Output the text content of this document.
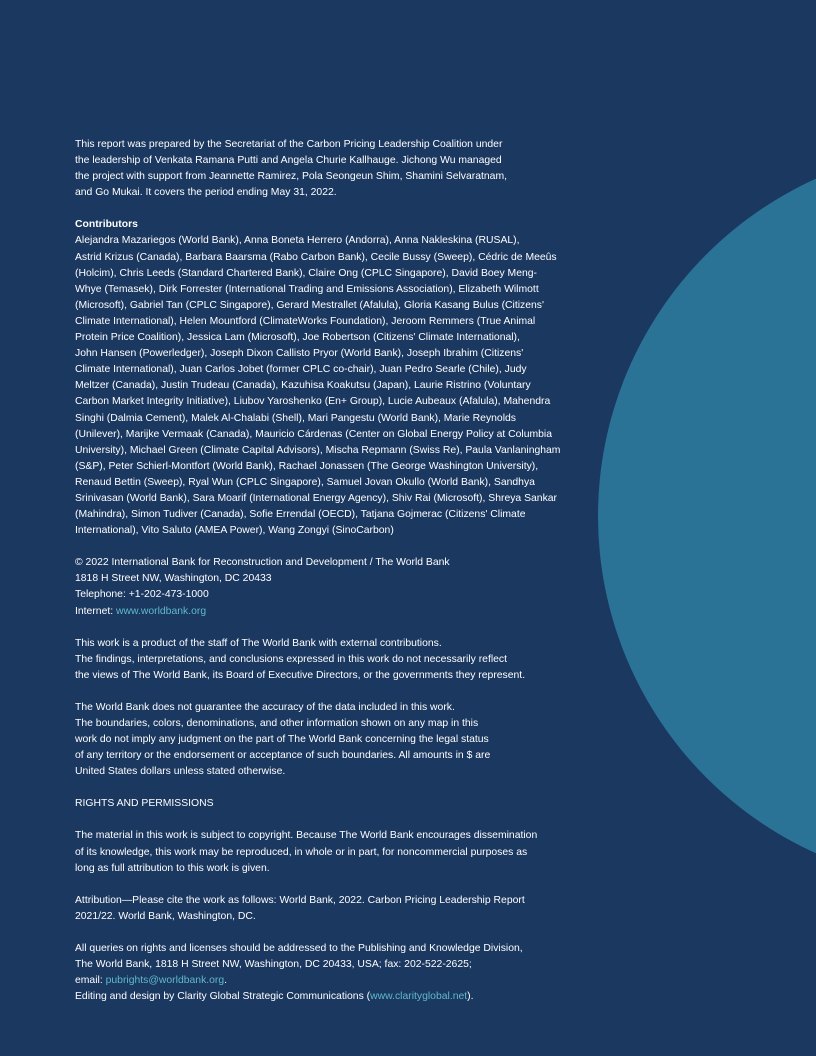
This report was prepared by the Secretariat of the Carbon Pricing Leadership Coalition under

the leadership of Venkata Ramana Putti and Angela Churie Kallhauge. Jichong Wu managed

the project with support from Jeannette Ramirez, Pola Seongeun Shim, Shamini Selvaratnam,

and Go Mukai. It covers the period ending May 31, 2022.

Contributors

Alejandra Mazariegos (World Bank), Anna Boneta Herrero (Andorra), Anna Nakleskina (RUSAL),

Astrid Krizus (Canada), Barbara Baarsma (Rabo Carbon Bank), Cecile Bussy (Sweep), Cédric de Meeûs

(Holcim), Chris Leeds (Standard Chartered Bank), Claire Ong (CPLC Singapore), David Boey Meng-

Whye (Temasek), Dirk Forrester (International Trading and Emissions Association), Elizabeth Wilmott

(Microsoft), Gabriel Tan (CPLC Singapore), Gerard Mestrallet (Afalula), Gloria Kasang Bulus (Citizens'

Climate International), Helen Mountford (ClimateWorks Foundation), Jeroom Remmers (True Animal

Protein Price Coalition), Jessica Lam (Microsoft), Joe Robertson (Citizens' Climate International),

John Hansen (Powerledger), Joseph Dixon Callisto Pryor (World Bank), Joseph Ibrahim (Citizens'

Climate International), Juan Carlos Jobet (former CPLC co-chair), Juan Pedro Searle (Chile), Judy

Meltzer (Canada), Justin Trudeau (Canada), Kazuhisa Koakutsu (Japan), Laurie Ristrino (Voluntary

Carbon Market Integrity Initiative), Liubov Yaroshenko (En+ Group), Lucie Aubeaux (Afalula), Mahendra

Singhi (Dalmia Cement), Malek Al-Chalabi (Shell), Mari Pangestu (World Bank), Marie Reynolds

(Unilever), Marijke Vermaak (Canada), Mauricio Cárdenas (Center on Global Energy Policy at Columbia

University), Michael Green (Climate Capital Advisors), Mischa Repmann (Swiss Re), Paula Vanlaningham

(S&P), Peter Schierl-Montfort (World Bank), Rachael Jonassen (The George Washington University),

Renaud Bettin (Sweep), Ryal Wun (CPLC Singapore), Samuel Jovan Okullo (World Bank), Sandhya

Srinivasan (World Bank), Sara Moarif (International Energy Agency), Shiv Rai (Microsoft), Shreya Sankar

(Mahindra), Simon Tudiver (Canada), Sofie Errendal (OECD), Tatjana Gojmerac (Citizens' Climate

International), Vito Saluto (AMEA Power), Wang Zongyi (SinoCarbon)

© 2022 International Bank for Reconstruction and Development / The World Bank

1818 H Street NW, Washington, DC 20433

Telephone: +1-202-473-1000

Internet: www.worldbank.org

This work is a product of the staff of The World Bank with external contributions.

The findings, interpretations, and conclusions expressed in this work do not necessarily reflect

the views of The World Bank, its Board of Executive Directors, or the governments they represent.

The World Bank does not guarantee the accuracy of the data included in this work.

The boundaries, colors, denominations, and other information shown on any map in this

work do not imply any judgment on the part of The World Bank concerning the legal status

of any territory or the endorsement or acceptance of such boundaries. All amounts in $ are

United States dollars unless stated otherwise.

RIGHTS AND PERMISSIONS

The material in this work is subject to copyright. Because The World Bank encourages dissemination

of its knowledge, this work may be reproduced, in whole or in part, for noncommercial purposes as

long as full attribution to this work is given.

Attribution—Please cite the work as follows: World Bank, 2022. Carbon Pricing Leadership Report

2021/22. World Bank, Washington, DC.

All queries on rights and licenses should be addressed to the Publishing and Knowledge Division,

The World Bank, 1818 H Street NW, Washington, DC 20433, USA; fax: 202-522-2625;

email: pubrights@worldbank.org.

Editing and design by Clarity Global Strategic Communications (www.clarityglobal.net).
